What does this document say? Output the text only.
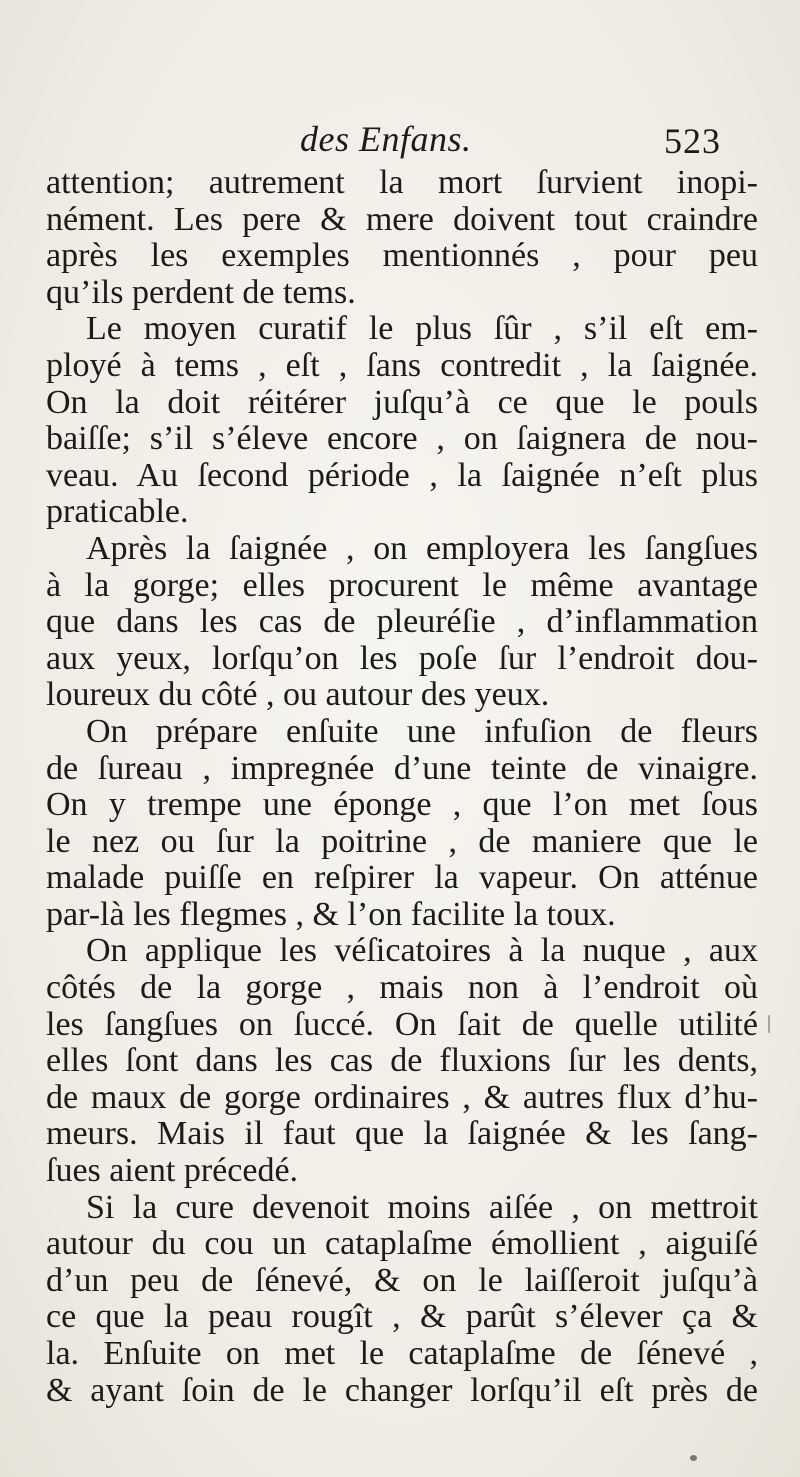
des Enfans.	523

attention; autrement la mort ſurvient inopi-
nément. Les pere & mere doivent tout craindre
après les exemples mentionnés , pour peu
qu’ils perdent de tems.

Le moyen curatif le plus ſûr , s’il eſt em-
ployé à tems , eſt , ſans contredit , la ſaignée.
On la doit réitérer juſqu’à ce que le pouls
baiſſe; s’il s’éleve encore , on ſaignera de nou-
veau. Au ſecond période , la ſaignée n’eſt plus
praticable.

Après la ſaignée , on employera les ſangſues
à la gorge; elles procurent le même avantage
que dans les cas de pleuréſie , d’inflammation
aux yeux, lorſqu’on les poſe ſur l’endroit dou-
loureux du côté , ou autour des yeux.

On prépare enſuite une infuſion de fleurs
de ſureau , impregnée d’une teinte de vinaigre.
On y trempe une éponge , que l’on met ſous
le nez ou ſur la poitrine , de maniere que le
malade puiſſe en reſpirer la vapeur. On atténue
par-là les flegmes , & l’on facilite la toux.

On applique les véſicatoires à la nuque , aux
côtés de la gorge , mais non à l’endroit où
les ſangſues on ſuccé. On ſait de quelle utilité
elles ſont dans les cas de fluxions ſur les dents,
de maux de gorge ordinaires , & autres flux d’hu-
meurs. Mais il faut que la ſaignée & les ſang-
ſues aient précedé.

Si la cure devenoit moins aiſée , on mettroit
autour du cou un cataplaſme émollient , aiguiſé
d’un peu de ſénevé, & on le laiſſeroit juſqu’à
ce que la peau rougît , & parût s’élever ça &
la. Enſuite on met le cataplaſme de ſénevé ,
& ayant ſoin de le changer lorſqu’il eſt près de
